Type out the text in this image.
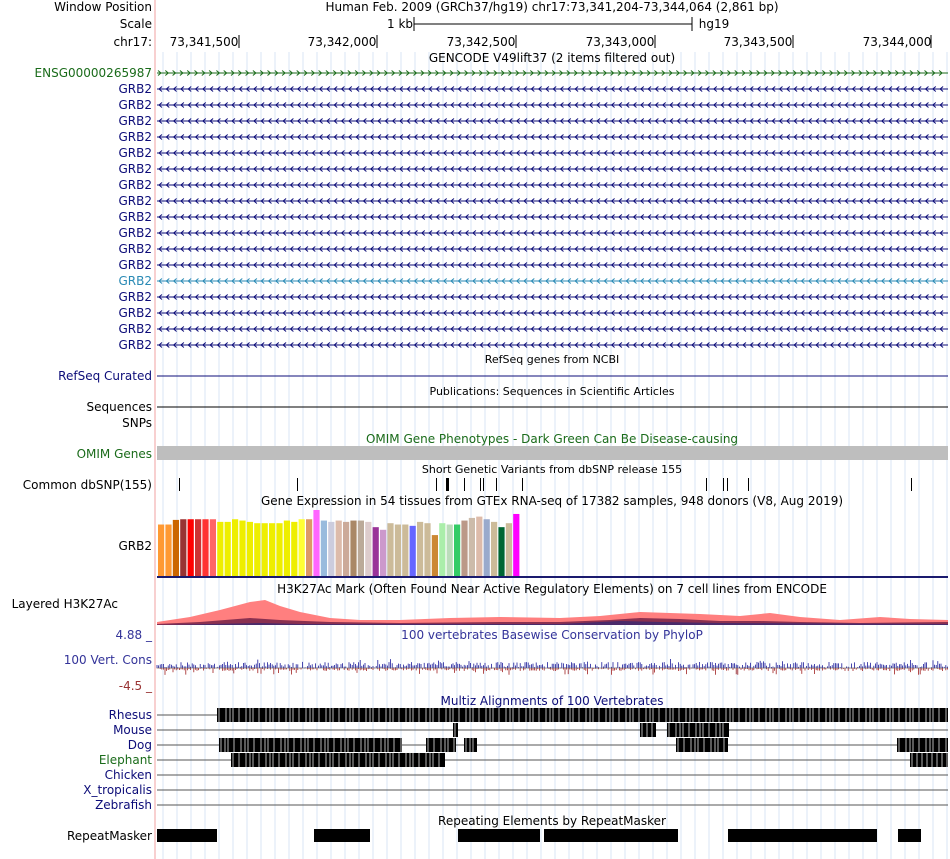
Window Position	Human Feb. 2009 (GRCh37/hg19) chr17:73,341,204-73,344,064 (2,861 bp)
Scale	1 kb	hg19
chr17: 73,341,500	73,342,000	73,342,500	73,343,000	73,343,500	73,344,000
GENCODE V49lift37 (2 items filtered out)
ENSG00000265987
GRB2
GRB2
GRB2
GRB2
GRB2
GRB2
GRB2
GRB2
GRB2
GRB2
GRB2
GRB2
GRB2
GRB2
GRB2
GRB2
GRB2
RefSeq genes from NCBI
RefSeq Curated
Publications: Sequences in Scientific Articles
Sequences
SNPs
OMIM Gene Phenotypes - Dark Green Can Be Disease-causing
OMIM Genes
Short Genetic Variants from dbSNP release 155
Common dbSNP(155)
Gene Expression in 54 tissues from GTEx RNA-seq of 17382 samples, 948 donors (V8, Aug 2019)
GRB2
H3K27Ac Mark (Often Found Near Active Regulatory Elements) on 7 cell lines from ENCODE
Layered H3K27Ac
4.88 _	100 vertebrates Basewise Conservation by PhyloP
100 Vert. Cons
-4.5 _
Multiz Alignments of 100 Vertebrates
Rhesus
Mouse
Dog
Elephant
Chicken
X_tropicalis
Zebrafish
Repeating Elements by RepeatMasker
RepeatMasker
